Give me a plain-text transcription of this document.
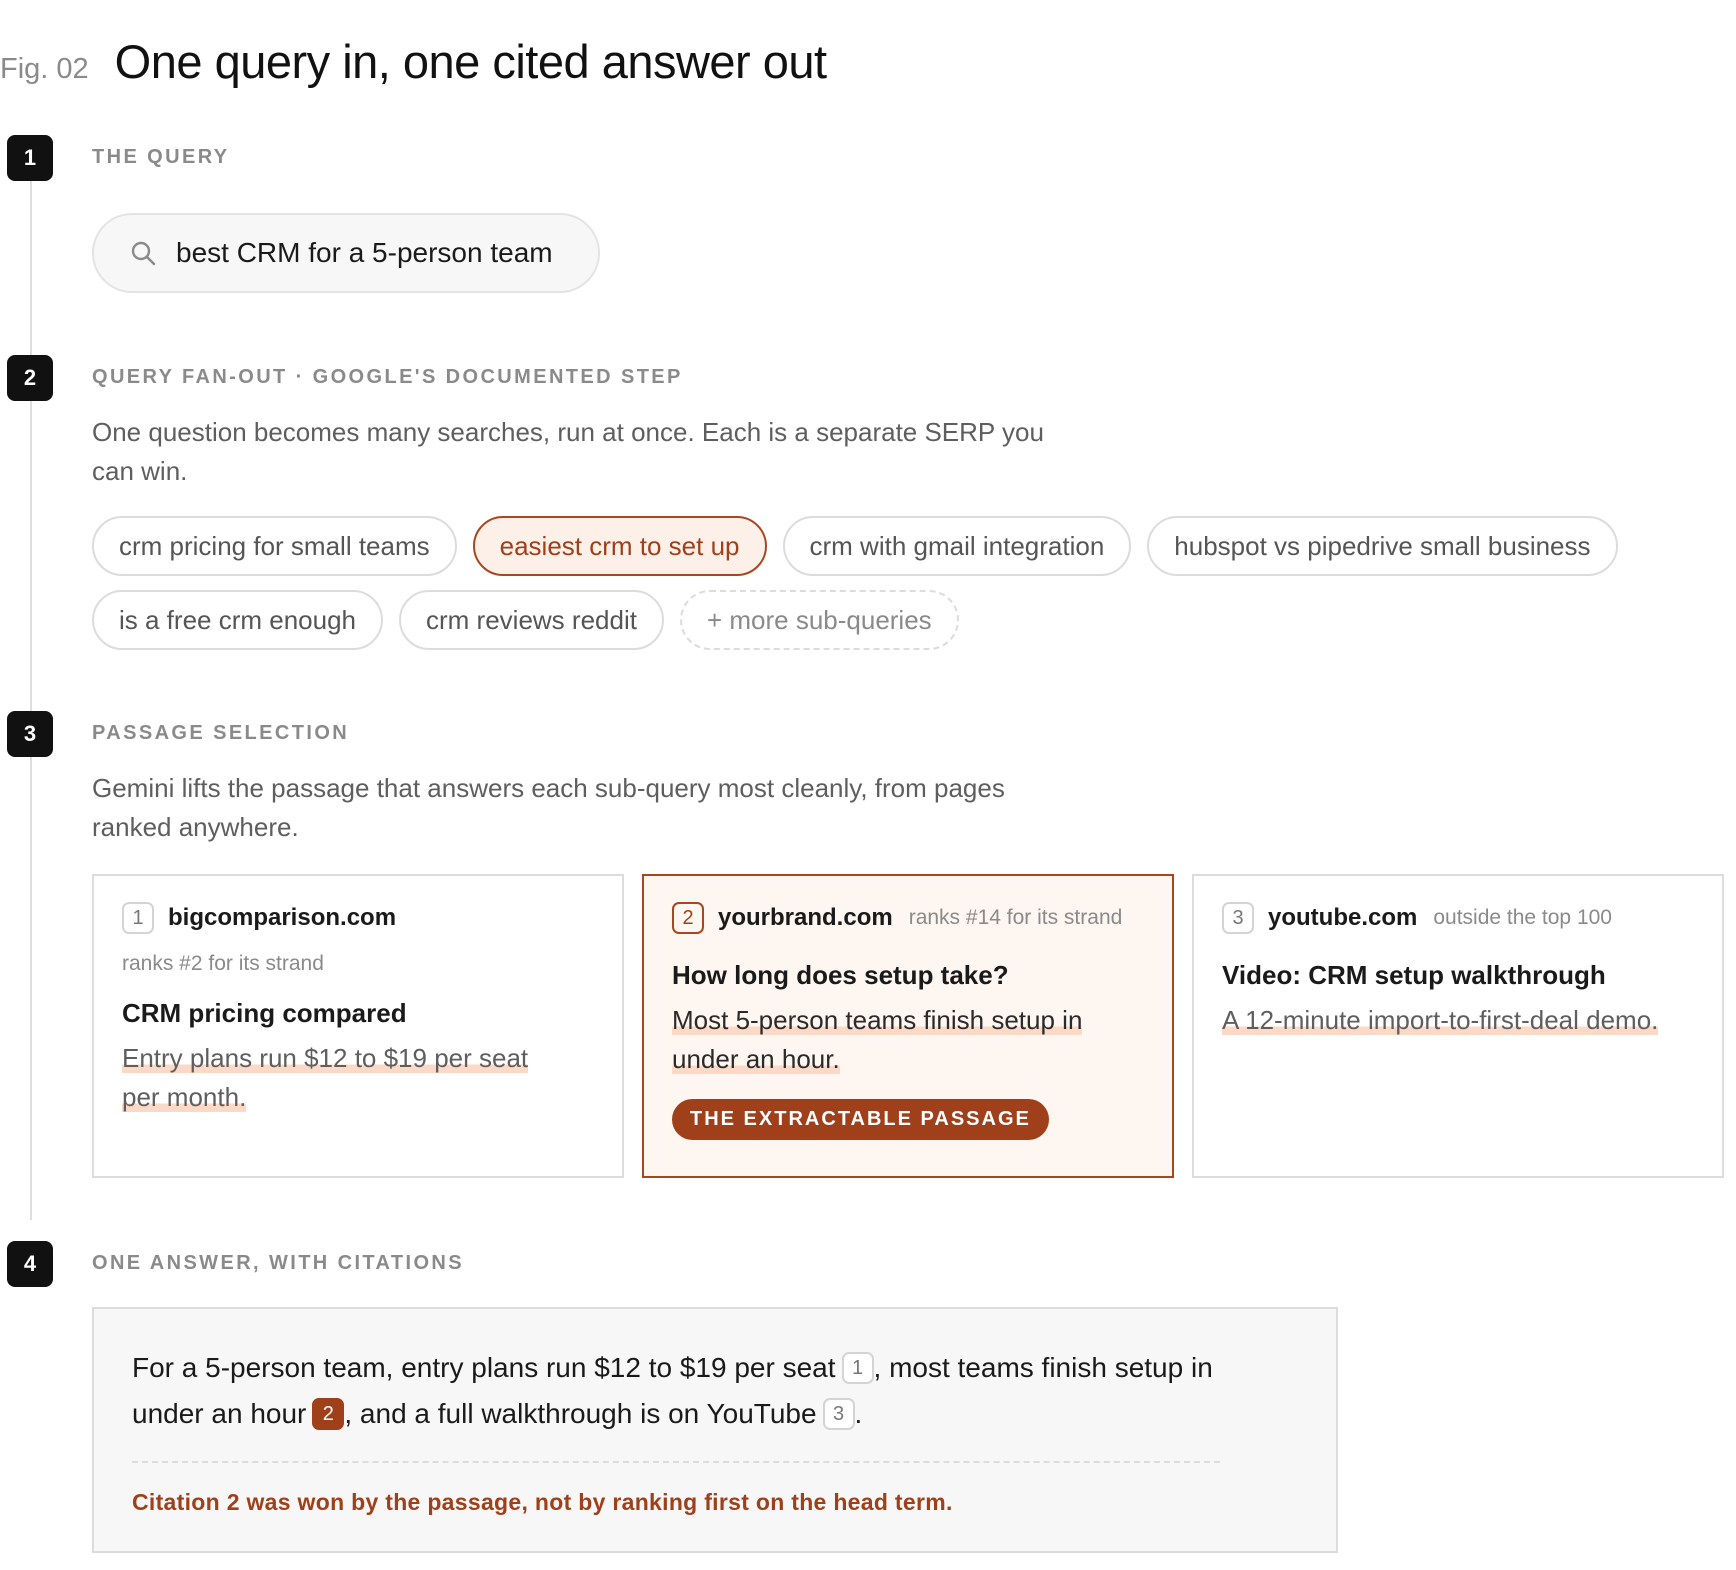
Fig. 02 One query in, one cited answer out
1	THE QUERY
best CRM for a 5-person team
2	QUERY FAN-OUT · GOOGLE'S DOCUMENTED STEP
One question becomes many searches, run at once. Each is a separate SERP you can win.
crm pricing for small teams	easiest crm to set up	crm with gmail integration	hubspot vs pipedrive small business
is a free crm enough	crm reviews reddit	+ more sub-queries
3	PASSAGE SELECTION
Gemini lifts the passage that answers each sub-query most cleanly, from pages ranked anywhere.
1	bigcomparison.com
ranks #2 for its strand
CRM pricing compared
Entry plans run $12 to $19 per seat per month.
2	yourbrand.com ranks #14 for its strand
How long does setup take?
Most 5-person teams finish setup in under an hour.
THE EXTRACTABLE PASSAGE
3	youtube.com outside the top 100
Video: CRM setup walkthrough
A 12-minute import-to-first-deal demo.
4	ONE ANSWER, WITH CITATIONS
For a 5-person team, entry plans run $12 to $19 per seat 1 , most teams finish setup in under an hour 2 , and a full walkthrough is on YouTube 3 .
Citation 2 was won by the passage, not by ranking first on the head term.
